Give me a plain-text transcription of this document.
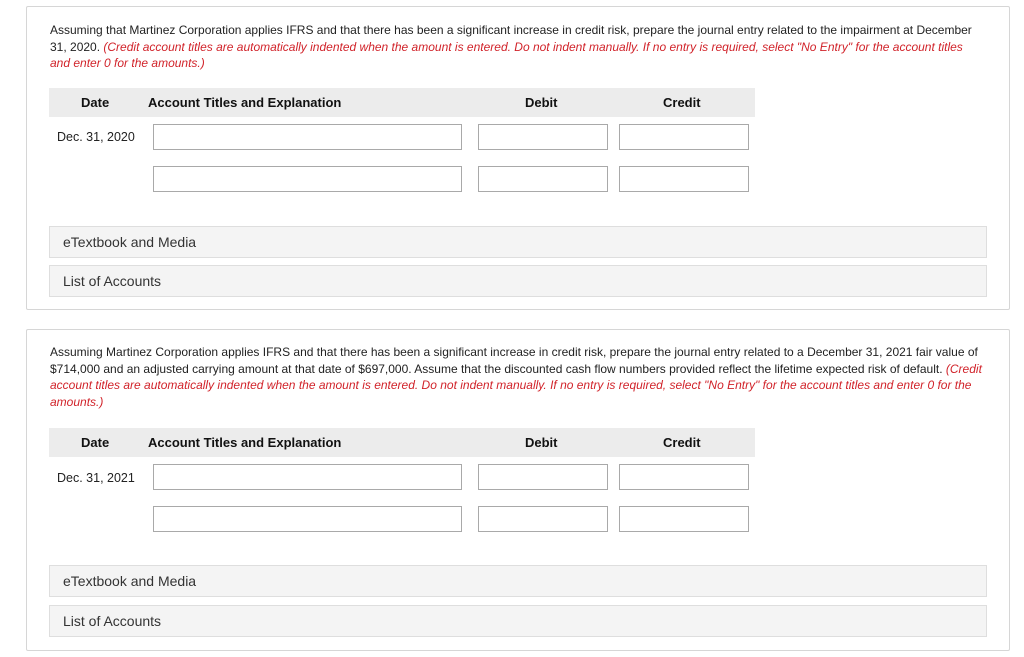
Assuming that Martinez Corporation applies IFRS and that there has been a significant increase in credit risk, prepare the journal entry related to the impairment at December 31, 2020. (Credit account titles are automatically indented when the amount is entered. Do not indent manually. If no entry is required, select "No Entry" for the account titles and enter 0 for the amounts.)
Date	Account Titles and Explanation	Debit	Credit
Dec. 31, 2020
eTextbook and Media
List of Accounts
Assuming Martinez Corporation applies IFRS and that there has been a significant increase in credit risk, prepare the journal entry related to a December 31, 2021 fair value of $714,000 and an adjusted carrying amount at that date of $697,000. Assume that the discounted cash flow numbers provided reflect the lifetime expected risk of default. (Credit account titles are automatically indented when the amount is entered. Do not indent manually. If no entry is required, select "No Entry" for the account titles and enter 0 for the amounts.)
Date	Account Titles and Explanation	Debit	Credit
Dec. 31, 2021
eTextbook and Media
List of Accounts
